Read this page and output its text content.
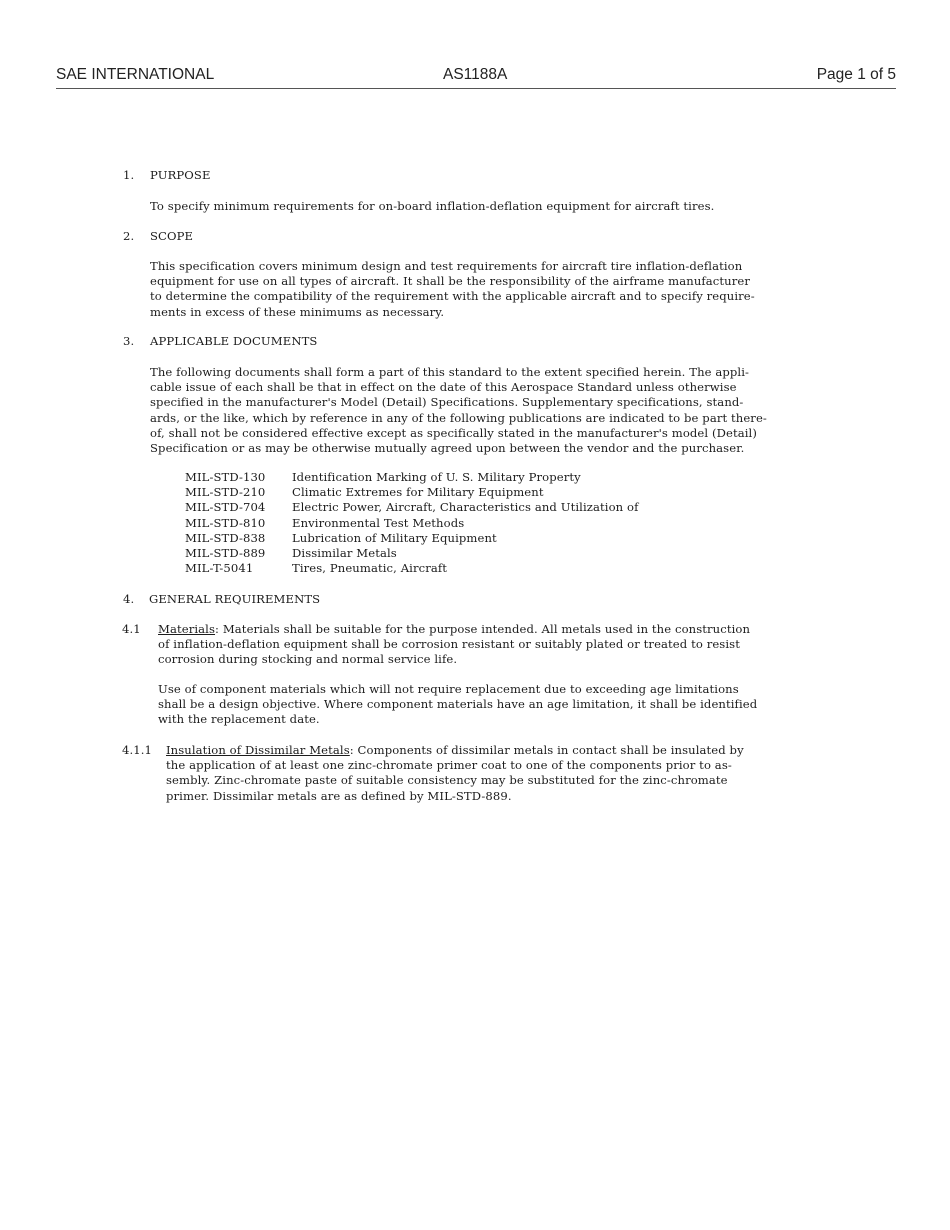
SAE INTERNATIONAL	AS1188A	Page 1 of 5
1. PURPOSE
To specify minimum requirements for on-board inflation-deflation equipment for aircraft tires.
2. SCOPE
This specification covers minimum design and test requirements for aircraft tire inflation-deflation
equipment for use on all types of aircraft. It shall be the responsibility of the airframe manufacturer
to determine the compatibility of the requirement with the applicable aircraft and to specify require-
ments in excess of these minimums as necessary.
3. APPLICABLE DOCUMENTS
The following documents shall form a part of this standard to the extent specified herein. The appli-
cable issue of each shall be that in effect on the date of this Aerospace Standard unless otherwise
specified in the manufacturer's Model (Detail) Specifications. Supplementary specifications, stand-
ards, or the like, which by reference in any of the following publications are indicated to be part there-
of, shall not be considered effective except as specifically stated in the manufacturer's model (Detail)
Specification or as may be otherwise mutually agreed upon between the vendor and the purchaser.
MIL-STD-130 Identification Marking of U. S. Military Property
MIL-STD-210 Climatic Extremes for Military Equipment
MIL-STD-704 Electric Power, Aircraft, Characteristics and Utilization of
MIL-STD-810 Environmental Test Methods
MIL-STD-838 Lubrication of Military Equipment
MIL-STD-889 Dissimilar Metals
MIL-T-5041	Tires, Pneumatic, Aircraft
4. GENERAL REQUIREMENTS
4.1 Materials: Materials shall be suitable for the purpose intended. All metals used in the construction
of inflation-deflation equipment shall be corrosion resistant or suitably plated or treated to resist
corrosion during stocking and normal service life.
Use of component materials which will not require replacement due to exceeding age limitations
shall be a design objective. Where component materials have an age limitation, it shall be identified
with the replacement date.
4.1.1 Insulation of Dissimilar Metals: Components of dissimilar metals in contact shall be insulated by
the application of at least one zinc-chromate primer coat to one of the components prior to as-
sembly. Zinc-chromate paste of suitable consistency may be substituted for the zinc-chromate
primer. Dissimilar metals are as defined by MIL-STD-889.
